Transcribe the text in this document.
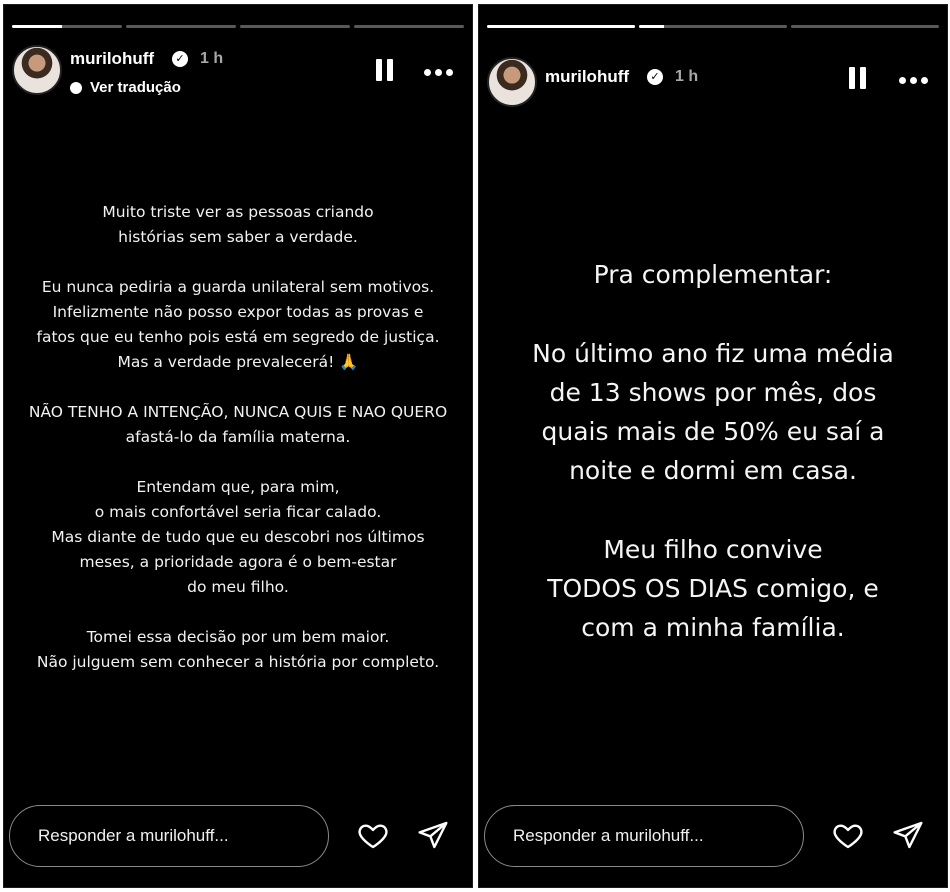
murilohuff	✓ 1 h
Ver tradução

Muito triste ver as pessoas criando
histórias sem saber a verdade.

Eu nunca pediria a guarda unilateral sem motivos.
Infelizmente não posso expor todas as provas e
fatos que eu tenho pois está em segredo de justiça.
Mas a verdade prevalecerá! 🙏

NÃO TENHO A INTENÇÃO, NUNCA QUIS E NAO QUERO
afastá-lo da família materna.

Entendam que, para mim,
o mais confortável seria ficar calado.
Mas diante de tudo que eu descobri nos últimos
meses, a prioridade agora é o bem-estar
do meu filho.

Tomei essa decisão por um bem maior.
Não julguem sem conhecer a história por completo.

Responder a murilohuff...
murilohuff	✓ 1 h

Pra complementar:

No último ano fiz uma média
de 13 shows por mês, dos
quais mais de 50% eu saí a
noite e dormi em casa.

Meu filho convive
TODOS OS DIAS comigo, e
com a minha família.

Responder a murilohuff...
